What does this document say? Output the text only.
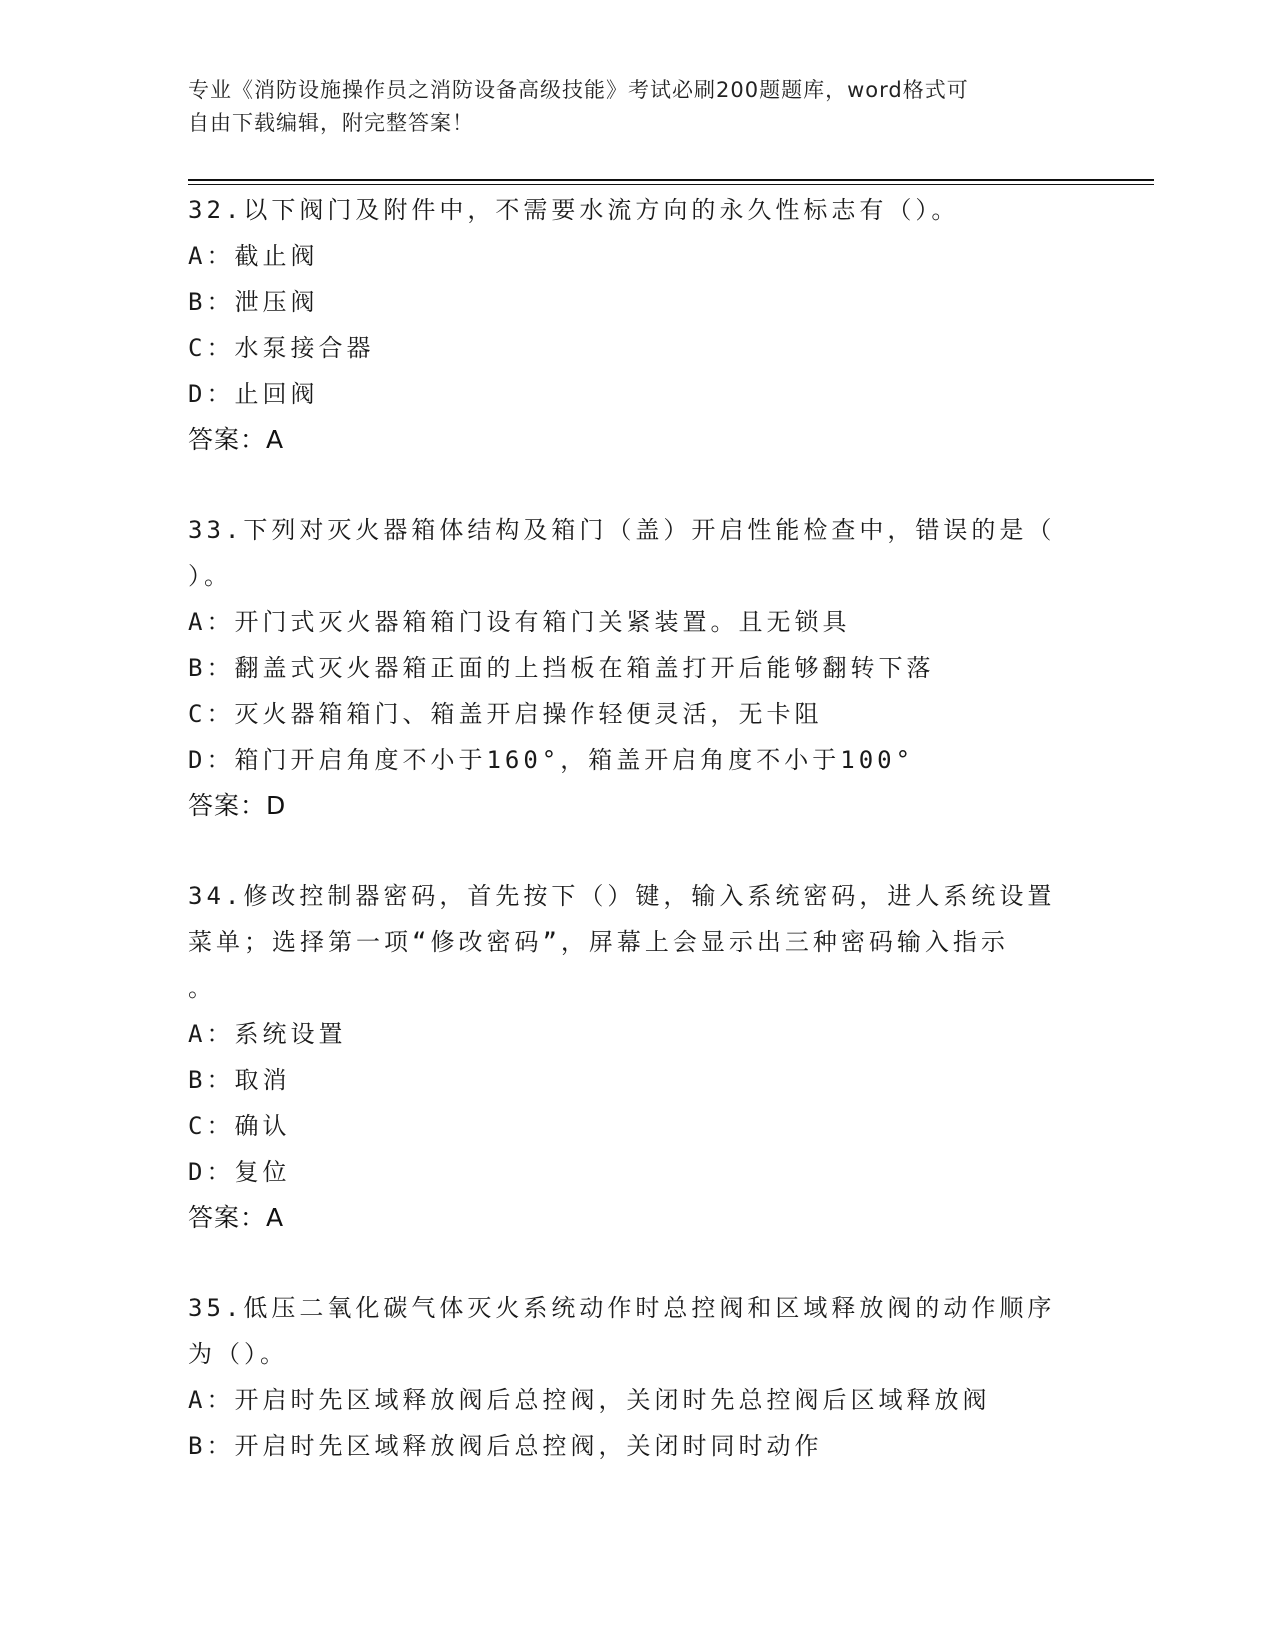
专业《消防设施操作员之消防设备高级技能》考试必刷200题题库，word格式可
自由下载编辑，附完整答案！
32.以下阀门及附件中，不需要水流方向的永久性标志有（）。
A：截止阀
B：泄压阀
C：水泵接合器
D：止回阀
答案：A
33.下列对灭火器箱体结构及箱门（盖）开启性能检查中，错误的是（
）。
A：开门式灭火器箱箱门设有箱门关紧装置。且无锁具
B：翻盖式灭火器箱正面的上挡板在箱盖打开后能够翻转下落
C：灭火器箱箱门、箱盖开启操作轻便灵活，无卡阻
D：箱门开启角度不小于160°，箱盖开启角度不小于100°
答案：D
34.修改控制器密码，首先按下（）键，输入系统密码，进人系统设置
菜单；选择第一项“修改密码”，屏幕上会显示出三种密码输入指示
。
A：系统设置
B：取消
C：确认
D：复位
答案：A
35.低压二氧化碳气体灭火系统动作时总控阀和区域释放阀的动作顺序
为（）。
A：开启时先区域释放阀后总控阀，关闭时先总控阀后区域释放阀
B：开启时先区域释放阀后总控阀，关闭时同时动作
